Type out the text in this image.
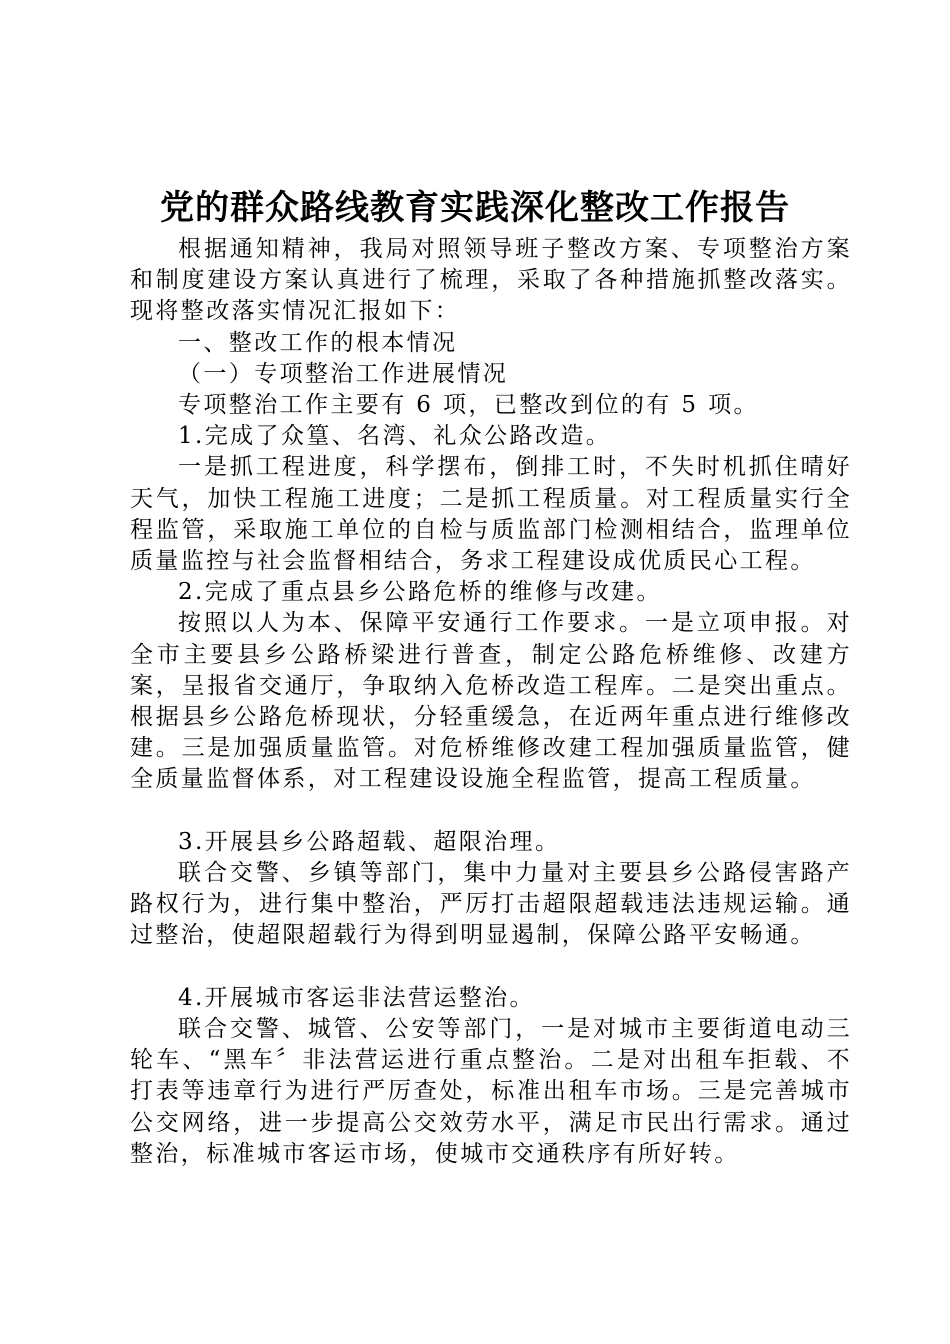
党的群众路线教育实践深化整改工作报告

根据通知精神，我局对照领导班子整改方案、专项整治方案和制度建设方案认真进行了梳理，采取了各种措施抓整改落实。现将整改落实情况汇报如下：

一、整改工作的根本情况

（一）专项整治工作进展情况

专项整治工作主要有 6 项，已整改到位的有 5 项。

1.完成了众篁、名湾、礼众公路改造。

一是抓工程进度，科学摆布，倒排工时，不失时机抓住晴好天气，加快工程施工进度；二是抓工程质量。对工程质量实行全程监管，采取施工单位的自检与质监部门检测相结合，监理单位质量监控与社会监督相结合，务求工程建设成优质民心工程。

2.完成了重点县乡公路危桥的维修与改建。

按照以人为本、保障平安通行工作要求。一是立项申报。对全市主要县乡公路桥梁进行普查，制定公路危桥维修、改建方案，呈报省交通厅，争取纳入危桥改造工程库。二是突出重点。根据县乡公路危桥现状，分轻重缓急，在近两年重点进行维修改建。三是加强质量监管。对危桥维修改建工程加强质量监管，健全质量监督体系，对工程建设设施全程监管，提高工程质量。

3.开展县乡公路超载、超限治理。

联合交警、乡镇等部门，集中力量对主要县乡公路侵害路产路权行为，进行集中整治，严厉打击超限超载违法违规运输。通过整治，使超限超载行为得到明显遏制，保障公路平安畅通。

4.开展城市客运非法营运整治。

联合交警、城管、公安等部门，一是对城市主要街道电动三轮车、“黑车〞非法营运进行重点整治。二是对出租车拒载、不打表等违章行为进行严厉查处，标准出租车市场。三是完善城市公交网络，进一步提高公交效劳水平，满足市民出行需求。通过整治，标准城市客运市场，使城市交通秩序有所好转。
